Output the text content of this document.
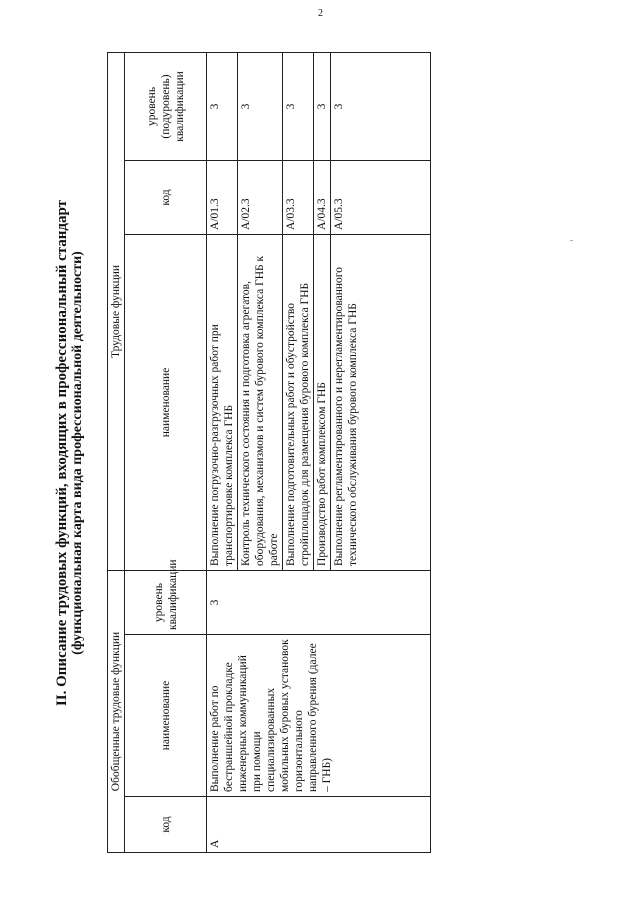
2
ˉ
II. Описание трудовых функций, входящих в профессиональный стандарт (функциональная карта вида профессиональной деятельности)
Обобщенные трудовые функции			Трудовые функции		
код	наименование	уровень квалификации	наименование	код	уровень (подуровень) квалификации
A	Выполнение работ по бестраншейной прокладке инженерных коммуникаций при помощи специализированных мобильных буровых установок горизонтального направленного бурения (далее – ГНБ)	3	Выполнение погрузочно-разгрузочных работ при транспортировке комплекса ГНБ	A/01.3	3
			Контроль технического состояния и подготовка агрегатов, оборудования, механизмов и систем бурового комплекса ГНБ к работе	A/02.3	3
			Выполнение подготовительных работ и обустройство стройплощадок для размещения бурового комплекса ГНБ	A/03.3	3
			Производство работ комплексом ГНБ	A/04.3	3
			Выполнение регламентированного и нерегламентированного технического обслуживания бурового комплекса ГНБ	A/05.3	3
